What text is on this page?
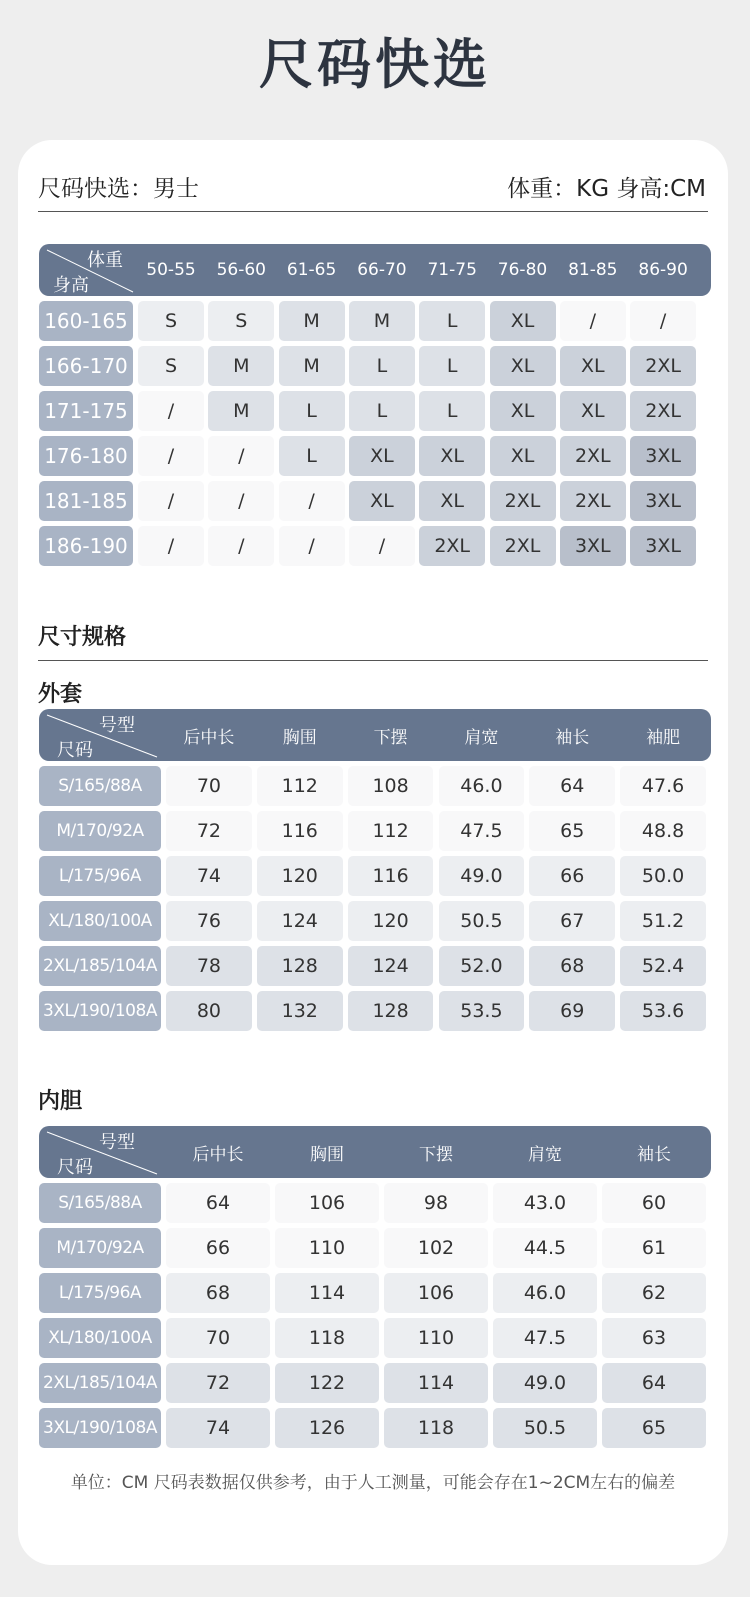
尺码快选
尺码快选：男士	体重：KG 身高:CM
体重
身高
50-55	56-60	61-65	66-70	71-75	76-80	81-85	86-90
160-165	S	S	M	M	L	XL	/	/
166-170	S	M	M	L	L	XL	XL	2XL
171-175	/	M	L	L	L	XL	XL	2XL
176-180	/	/	L	XL	XL	XL	2XL	3XL
181-185	/	/	/	XL	XL	2XL	2XL	3XL
186-190	/	/	/	/	2XL	2XL	3XL	3XL
尺寸规格
外套
号型
尺码
后中长	胸围	下摆	肩宽	袖长	袖肥
S/165/88A	70	112	108	46.0	64	47.6
M/170/92A	72	116	112	47.5	65	48.8
L/175/96A	74	120	116	49.0	66	50.0
XL/180/100A	76	124	120	50.5	67	51.2
2XL/185/104A	78	128	124	52.0	68	52.4
3XL/190/108A	80	132	128	53.5	69	53.6
内胆
号型
尺码
后中长	胸围	下摆	肩宽	袖长
S/165/88A	64	106	98	43.0	60
M/170/92A	66	110	102	44.5	61
L/175/96A	68	114	106	46.0	62
XL/180/100A	70	118	110	47.5	63
2XL/185/104A	72	122	114	49.0	64
3XL/190/108A	74	126	118	50.5	65
单位：CM 尺码表数据仅供参考，由于人工测量，可能会存在1~2CM左右的偏差
